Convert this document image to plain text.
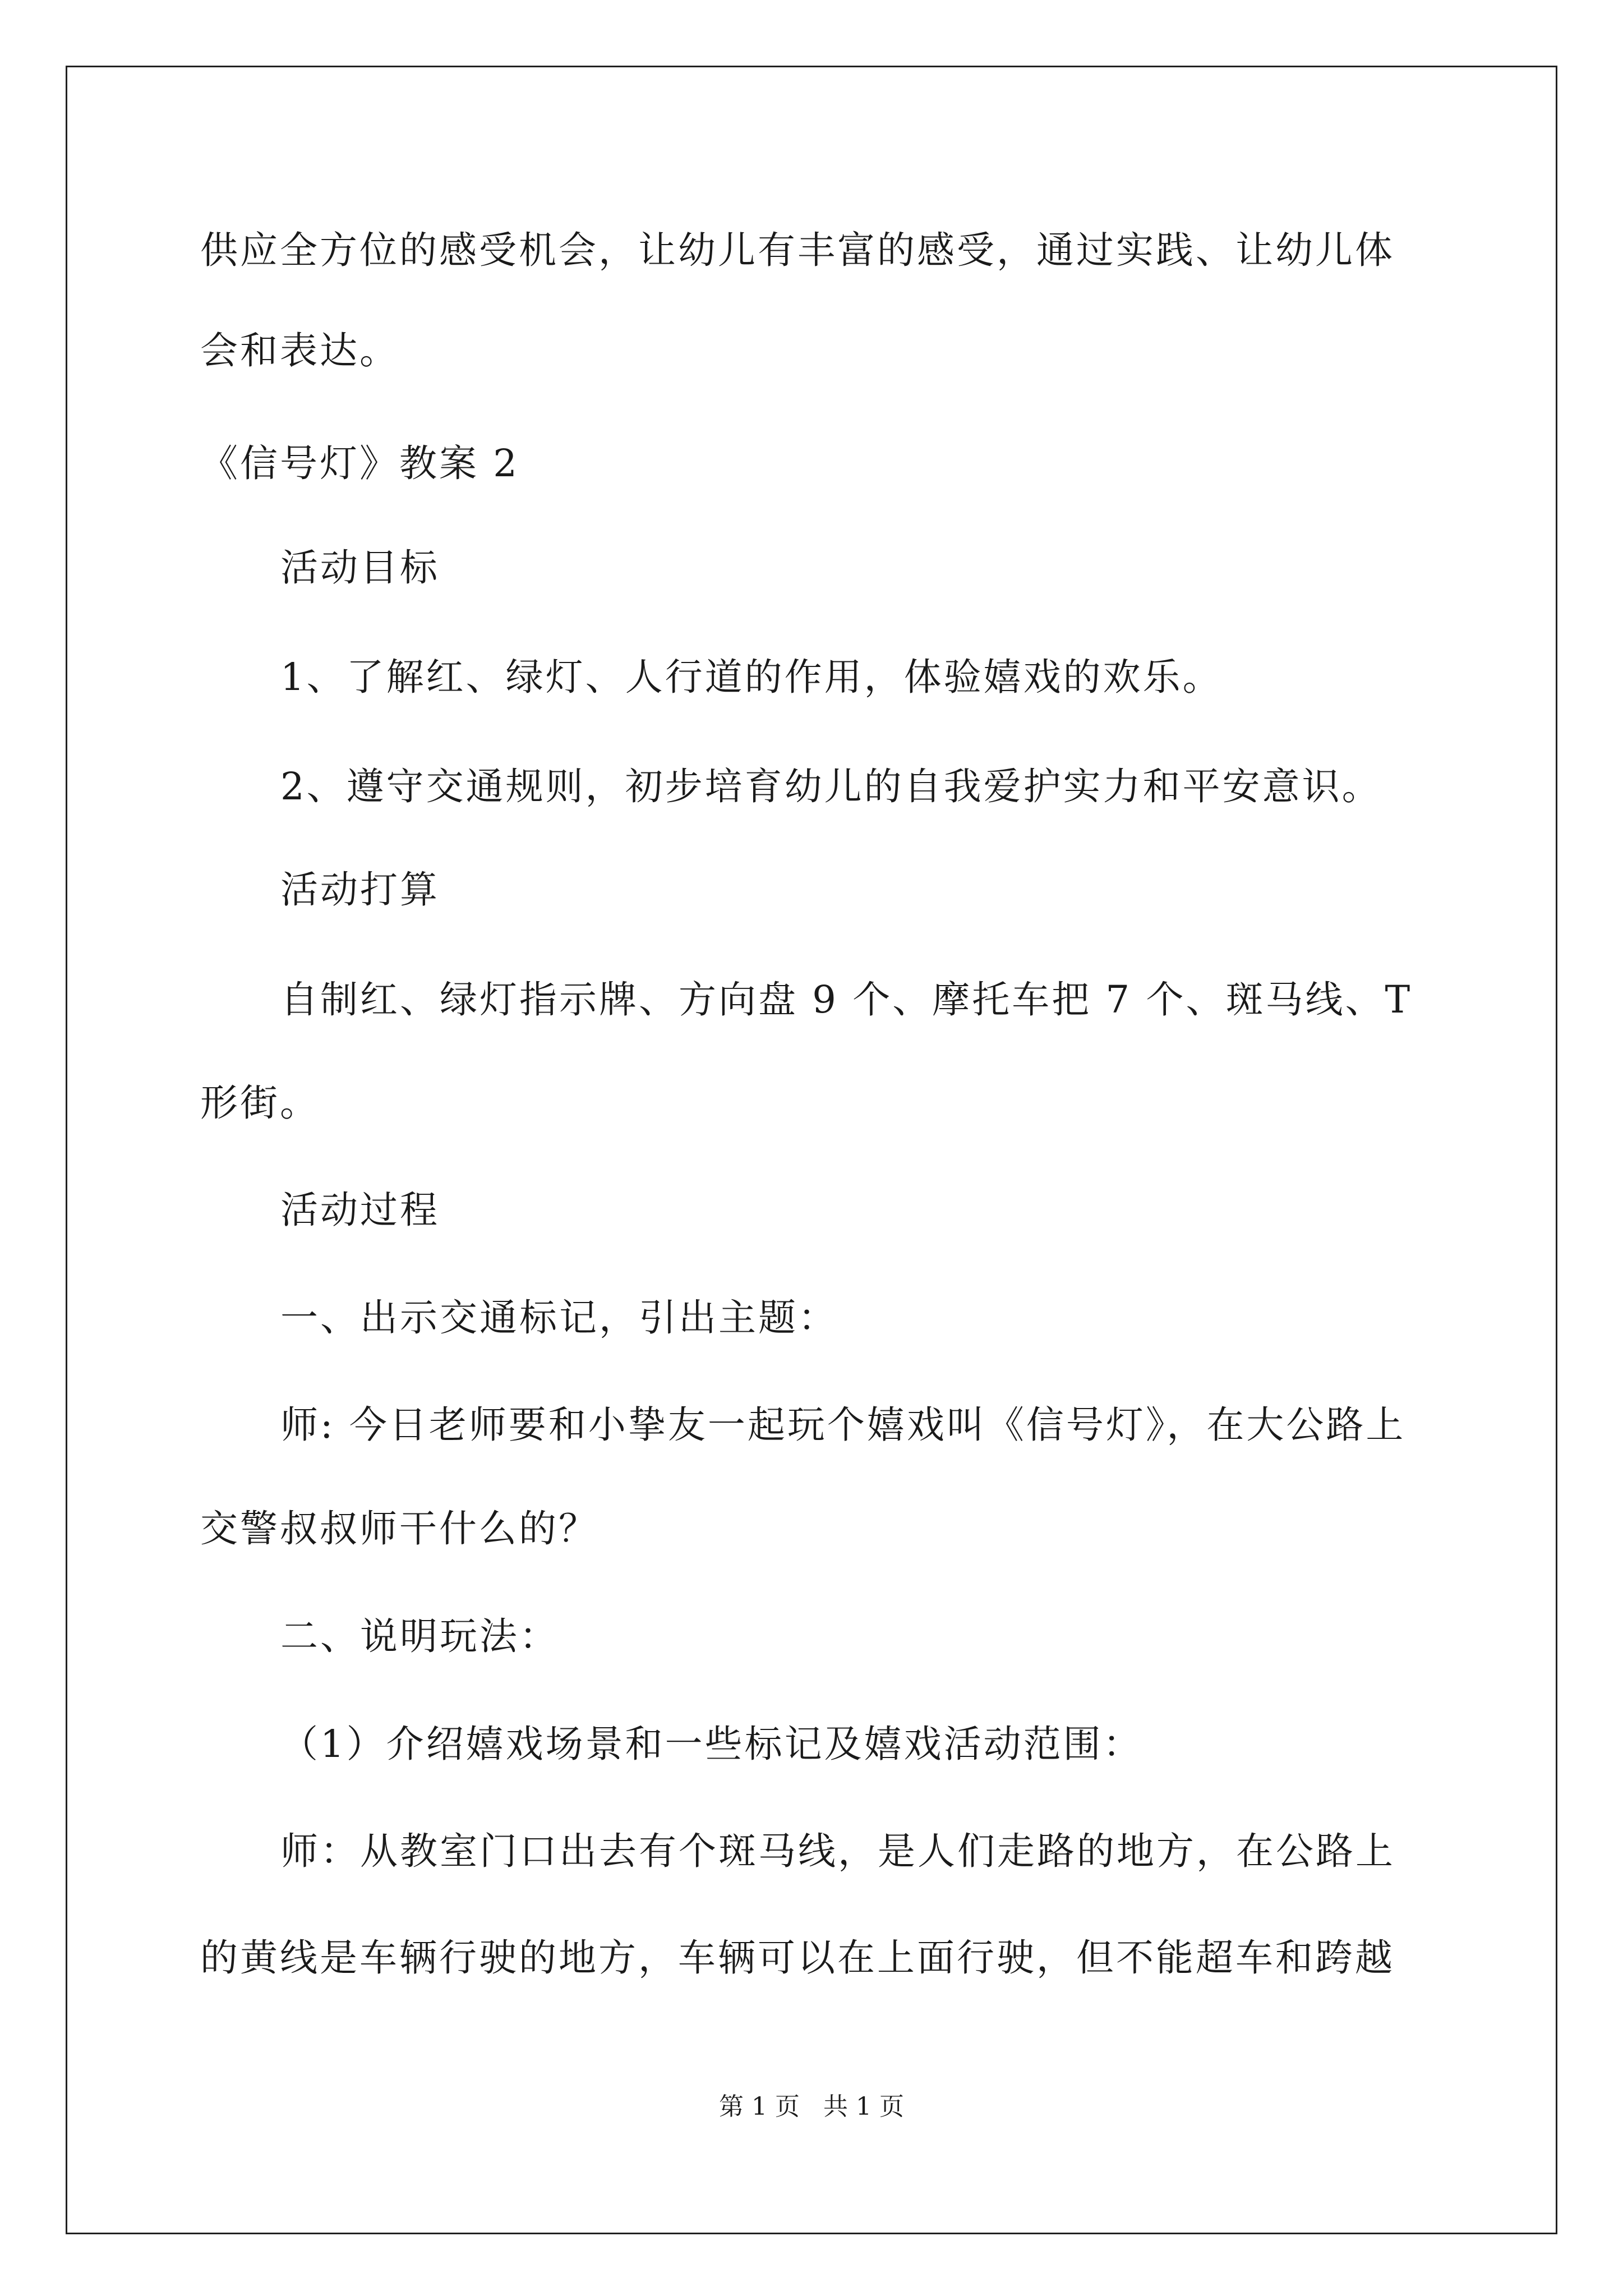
供应全方位的感受机会，让幼儿有丰富的感受，通过实践、让幼儿体
会和表达。
《信号灯》教案 2
活动目标
1、了解红、绿灯、人行道的作用，体验嬉戏的欢乐。
2、遵守交通规则，初步培育幼儿的自我爱护实力和平安意识。
活动打算
自制红、绿灯指示牌、方向盘 9 个、摩托车把 7 个、斑马线、T
形街。
活动过程
一、出示交通标记，引出主题：
师: 今日老师要和小挚友一起玩个嬉戏叫《信号灯》，在大公路上
交警叔叔师干什么的？
二、说明玩法：
（1）介绍嬉戏场景和一些标记及嬉戏活动范围：
师：从教室门口出去有个斑马线，是人们走路的地方，在公路上
的黄线是车辆行驶的地方，车辆可以在上面行驶，但不能超车和跨越
第 1 页   共 1 页
